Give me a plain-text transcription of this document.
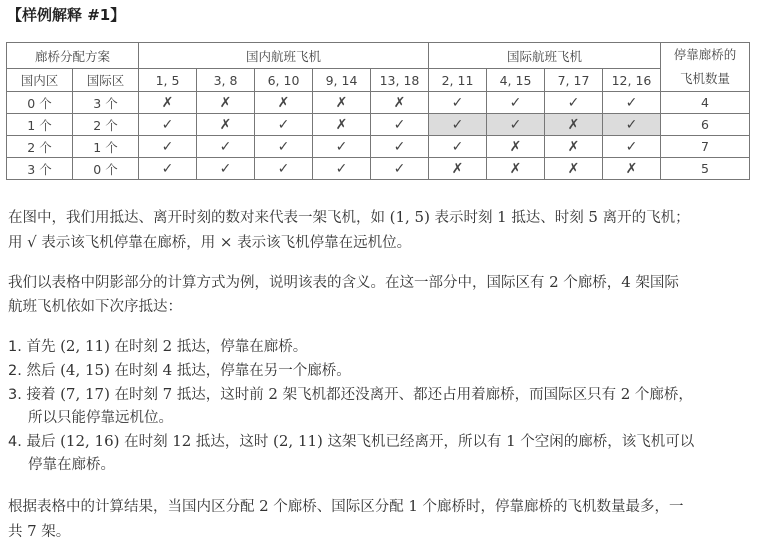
【样例解释 #1】
廊桥分配方案		国内航班飞机					国际航班飞机				停靠廊桥的
飞机数量

国内区	国际区	1, 5	3, 8	6, 10	9, 14	13, 18	2, 11	4, 15	7, 17	12, 16	
0 个	3 个	✗	✗	✗	✗	✗	✓	✓	✓	✓	4
1 个	2 个	✓	✗	✓	✗	✓	✓	✓	✗	✓	6
2 个	1 个	✓	✓	✓	✓	✓	✓	✗	✗	✓	7
3 个	0 个	✓	✓	✓	✓	✓	✗	✗	✗	✗	5
在图中，我们用抵达、离开时刻的数对来代表一架飞机，如 (1, 5) 表示时刻 1 抵达、时刻 5 离开的飞机；
用 √ 表示该飞机停靠在廊桥，用 × 表示该飞机停靠在远机位。
我们以表格中阴影部分的计算方式为例，说明该表的含义。在这一部分中，国际区有 2 个廊桥，4 架国际
航班飞机依如下次序抵达：
1. 首先 (2, 11) 在时刻 2 抵达，停靠在廊桥。
2. 然后 (4, 15) 在时刻 4 抵达，停靠在另一个廊桥。
3. 接着 (7, 17) 在时刻 7 抵达，这时前 2 架飞机都还没离开、都还占用着廊桥，而国际区只有 2 个廊桥，
所以只能停靠远机位。
4. 最后 (12, 16) 在时刻 12 抵达，这时 (2, 11) 这架飞机已经离开，所以有 1 个空闲的廊桥，该飞机可以
停靠在廊桥。
根据表格中的计算结果，当国内区分配 2 个廊桥、国际区分配 1 个廊桥时，停靠廊桥的飞机数量最多，一
共 7 架。
